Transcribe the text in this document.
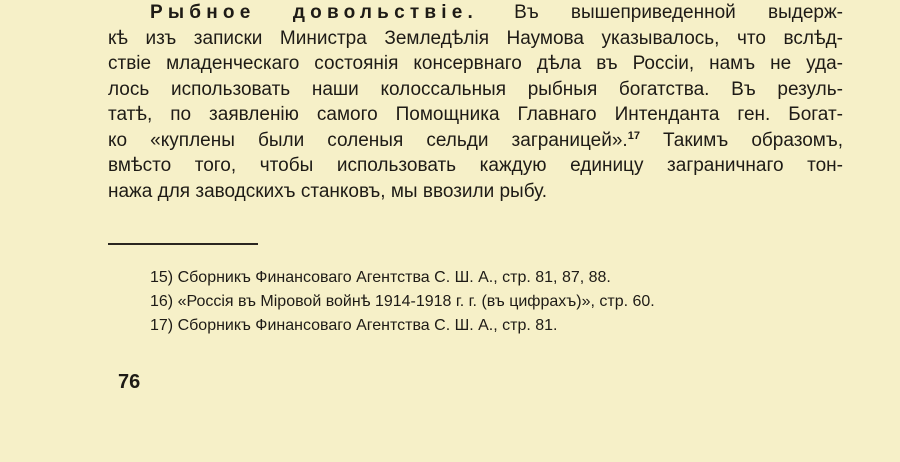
Рыбное довольствіе. Въ вышеприведенной выдерж-
кѣ изъ записки Министра Земледѣлія Наумова указывалось, что вслѣд-
ствіе младенческаго состоянія консервнаго дѣла въ Россіи, намъ не уда-
лось использовать наши колоссальныя рыбныя богатства. Въ резуль-
татѣ, по заявленію самого Помощника Главнаго Интенданта ген. Богат-
ко «куплены были соленыя сельди заграницей».$^{17}$ Такимъ образомъ,
вмѣсто того, чтобы использовать каждую единицу заграничнаго тон-
нажа для заводскихъ станковъ, мы ввозили рыбу.
15) Сборникъ Финансоваго Агентства С. Ш. А., стр. 81, 87, 88.
16) «Россія въ Міровой войнѣ 1914-1918 г. г. (въ цифрахъ)», стр. 60.
17) Сборникъ Финансоваго Агентства С. Ш. А., стр. 81.
76
